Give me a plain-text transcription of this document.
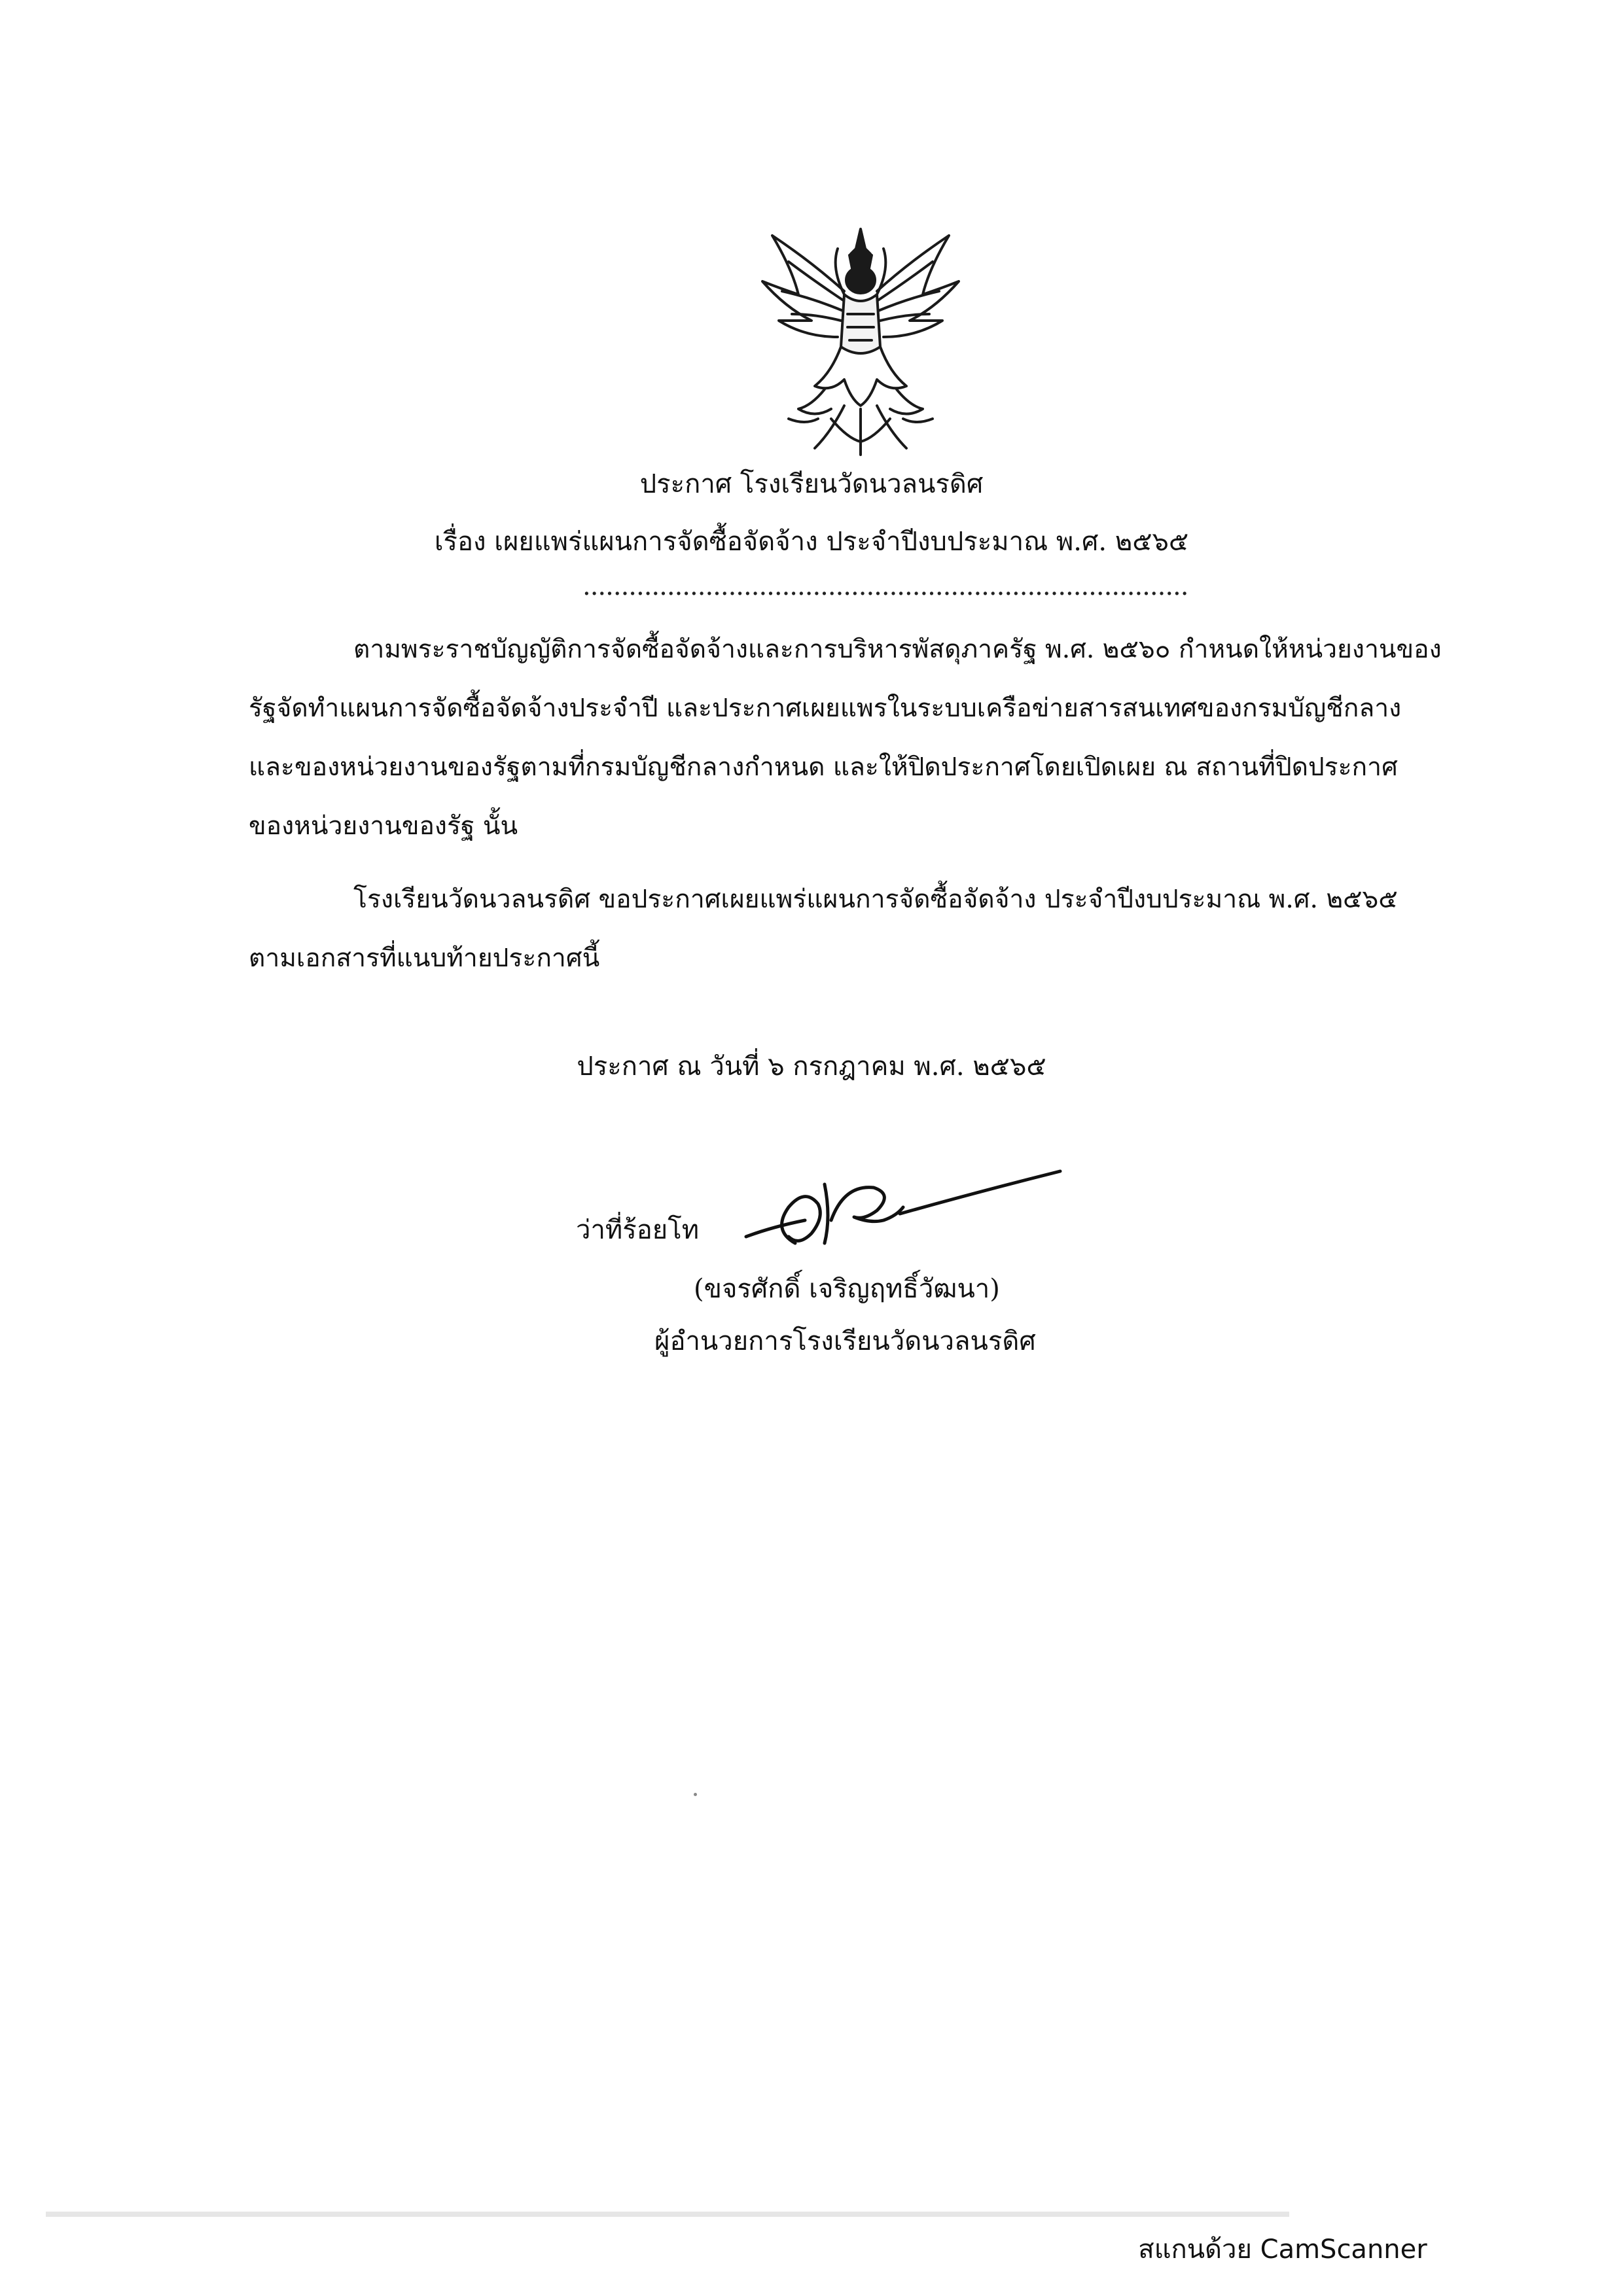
ประกาศ โรงเรียนวัดนวลนรดิศ
เรื่อง เผยแพร่แผนการจัดซื้อจัดจ้าง ประจำปีงบประมาณ พ.ศ. ๒๕๖๕
...............................................................................
ตามพระราชบัญญัติการจัดซื้อจัดจ้างและการบริหารพัสดุภาครัฐ พ.ศ. ๒๕๖๐ กำหนดให้หน่วยงานของ
รัฐจัดทำแผนการจัดซื้อจัดจ้างประจำปี และประกาศเผยแพรในระบบเครือข่ายสารสนเทศของกรมบัญชีกลาง
และของหน่วยงานของรัฐตามที่กรมบัญชีกลางกำหนด และให้ปิดประกาศโดยเปิดเผย ณ สถานที่ปิดประกาศ
ของหน่วยงานของรัฐ นั้น
โรงเรียนวัดนวลนรดิศ ขอประกาศเผยแพร่แผนการจัดซื้อจัดจ้าง ประจำปีงบประมาณ พ.ศ. ๒๕๖๕
ตามเอกสารที่แนบท้ายประกาศนี้
ประกาศ ณ วันที่ ๖ กรกฎาคม พ.ศ. ๒๕๖๕
ว่าที่ร้อยโท
(ขจรศักดิ์ เจริญฤทธิ์วัฒนา)
ผู้อำนวยการโรงเรียนวัดนวลนรดิศ
สแกนด้วย CamScanner
